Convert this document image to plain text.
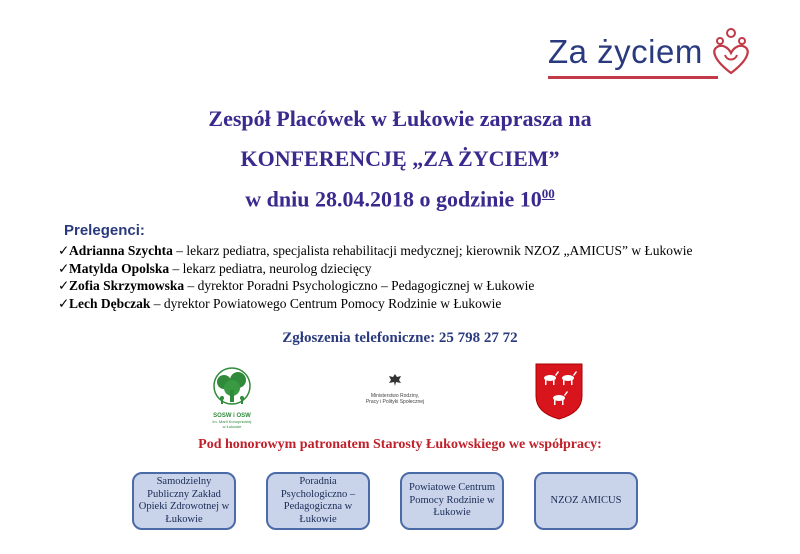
Za życiem
Zespół Placówek w Łukowie zaprasza na
KONFERENCJĘ „ZA ŻYCIEM”
w dniu 28.04.2018 o godzinie $10^{00}$
Prelegenci:
✓Adrianna Szychta – lekarz pediatra, specjalista rehabilitacji medycznej; kierownik NZOZ „AMICUS” w Łukowie
✓Matylda Opolska – lekarz pediatra, neurolog dziecięcy
✓Zofia Skrzymowska – dyrektor Poradni Psychologiczno – Pedagogicznej w Łukowie
✓Lech Dębczak – dyrektor Powiatowego Centrum Pomocy Rodzinie w Łukowie
Zgłoszenia telefoniczne: 25 798 27 72
SOSW i OSW
im. Marii Konopnickiej
w Łukowie
Ministerstwo Rodziny,
Pracy i Polityki Społecznej
Pod honorowym patronatem Starosty Łukowskiego we współpracy:
Samodzielny Publiczny Zakład Opieki Zdrowotnej w Łukowie
Poradnia Psychologiczno – Pedagogiczna w Łukowie
Powiatowe Centrum Pomocy Rodzinie w Łukowie
NZOZ AMICUS
